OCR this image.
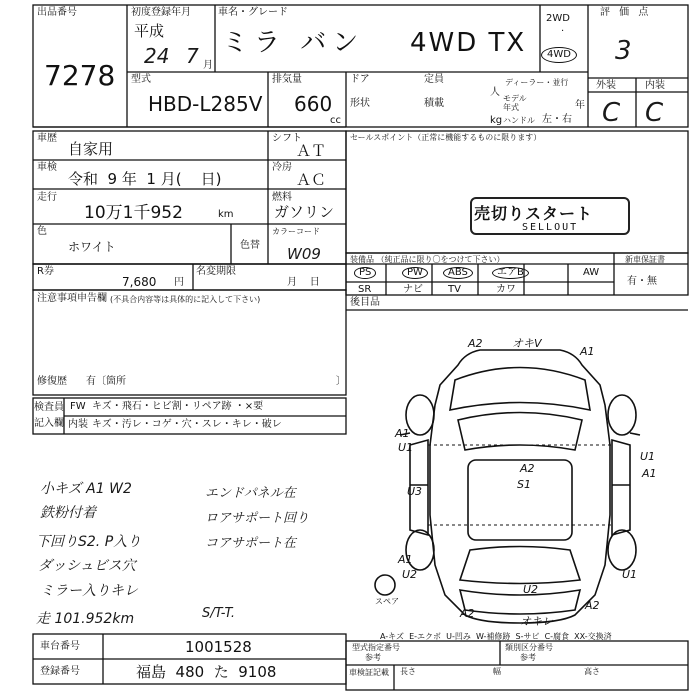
出品番号
7278
初度登録年月
平成
24 7 月
車名・グレード
ミラ バン 4WD TX
2WD
·
4WD
評 価 点
3
外装	内装
C C
型式
HBD-L285V
排気量
660
cc
ドア	定員
人
ディーラー・並行
形状	積載
kg
モデル年式	年
ハンドル 左・右
車歴
自家用
シフト
ＡＴ
車検
令和  9 年  1 月(    日)
冷房
ＡＣ
走行
10万1千952	km
燃料
ガソリン
色
ホワイト	色替
カラーコード
W09
R券
7,680 円
名変期限
月    日
注意事項申告欄 (不具合内容等は具体的に記入して下さい)
修復歴 有〔箇所	〕
セールスポイント（正常に機能するものに限ります）
売切りスタート
SELLOUT
装備品 （純正品に限り〇をつけて下さい）	新車保証書
有・無
PS	PW	ABS	エアB	AW
SR	ナビ	TV	カワ
後目品
検査員
記入欄
FW キズ・飛石・ヒビ割・リペア跡 ・×要
内装 キズ・汚レ・コゲ・穴・スレ・キレ・破レ
小キズ A1 W2
鉄粉付着
下回りS2. P入り
ダッシュビス穴
ミラー入りキレ
走 101.952km
エンドパネル在
ロアサポート回り
コアサポート在
S/T-T.
A2	オキV
A1
A1
U1
U3
A2
S1
U1
A1
A1
U2	U1
U2
A2
オキレ
A2
スペア
A-キズ  E-エクボ  U-凹み  W-補修跡  S-サビ  C-腐食  XX-交換済
車台番号	1001528
登録番号	福島  480  た  9108
型式指定番号
参考
類別区分番号
参考
車検証記載	長さ	幅	高さ
